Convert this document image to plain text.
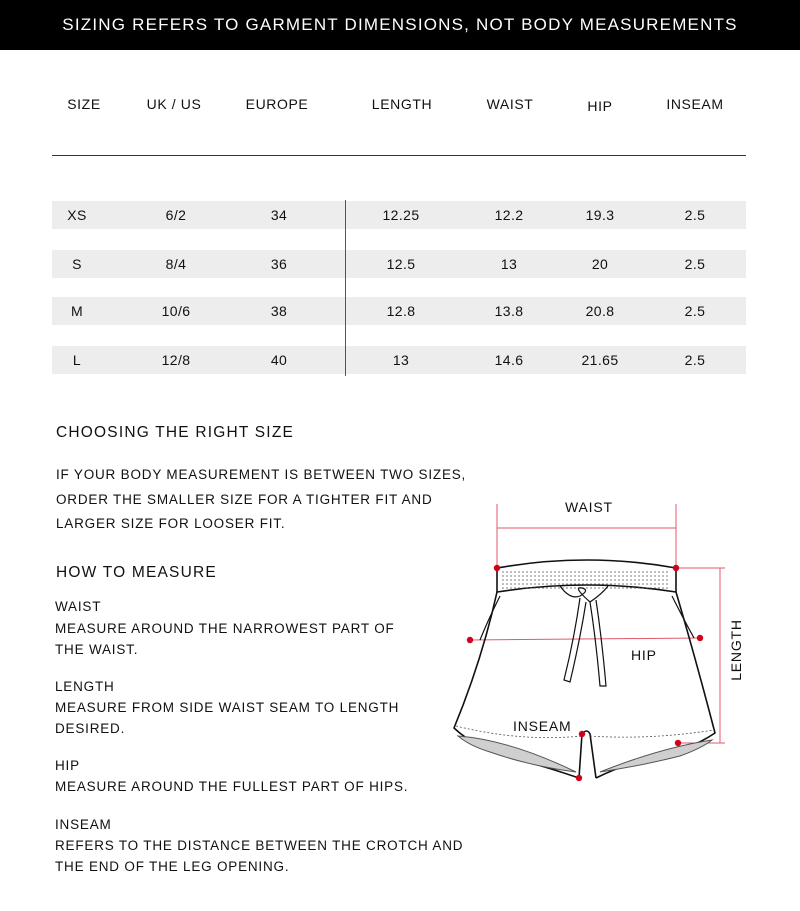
SIZING REFERS TO GARMENT DIMENSIONS, NOT BODY MEASUREMENTS
SIZE	UK / US	EUROPE	LENGTH	WAIST	HIP	INSEAM
XS	6/2	34	12.25	12.2	19.3	2.5
S	8/4	36	12.5	13	20	2.5
M	10/6	38	12.8	13.8	20.8	2.5
L	12/8	40	13	14.6	21.65	2.5
CHOOSING THE RIGHT SIZE
IF YOUR BODY MEASUREMENT IS BETWEEN TWO SIZES,
ORDER THE SMALLER SIZE FOR A TIGHTER FIT AND
LARGER SIZE FOR LOOSER FIT.
HOW TO MEASURE
WAIST
MEASURE AROUND THE NARROWEST PART OF
THE WAIST.
LENGTH
MEASURE FROM SIDE WAIST SEAM TO LENGTH
DESIRED.
HIP
MEASURE AROUND THE FULLEST PART OF HIPS.
INSEAM
REFERS TO THE DISTANCE BETWEEN THE CROTCH AND
THE END OF THE LEG OPENING.
WAIST
HIP
INSEAM
LENGTH
